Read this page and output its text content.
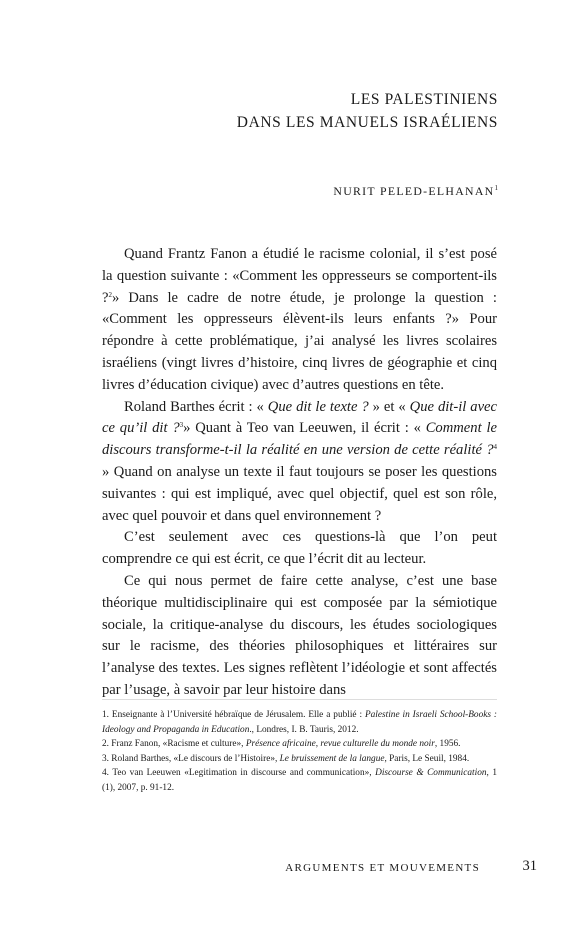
LES PALESTINIENS
DANS LES MANUELS ISRAÉLIENS
NURIT PELED-ELHANAN$^1$

Quand Frantz Fanon a étudié le racisme colonial, il s’est posé la question suivante : «Comment les oppresseurs se comportent-ils ?$^2$» Dans le cadre de notre étude, je prolonge la question : «Comment les oppresseurs élèvent-ils leurs enfants ?» Pour répondre à cette problématique, j’ai analysé les livres scolaires israéliens (vingt livres d’histoire, cinq livres de géographie et cinq livres d’éducation civique) avec d’autres questions en tête.

Roland Barthes écrit : « Que dit le texte ? » et « Que dit-il avec ce qu’il dit ?$^3$» Quant à Teo van Leeuwen, il écrit : « Comment le discours transforme-t-il la réalité en une version de cette réalité ?$^4$ » Quand on analyse un texte il faut toujours se poser les questions suivantes : qui est impliqué, avec quel objectif, quel est son rôle, avec quel pouvoir et dans quel environnement ?

C’est seulement avec ces questions-là que l’on peut comprendre ce qui est écrit, ce que l’écrit dit au lecteur.

Ce qui nous permet de faire cette analyse, c’est une base théorique multidisciplinaire qui est composée par la sémiotique sociale, la critique-analyse du discours, les études sociologiques sur le racisme, des théories philosophiques et littéraires sur l’analyse des textes. Les signes reflètent l’idéologie et sont affectés par l’usage, à savoir par leur histoire dans

1. Enseignante à l’Université hébraïque de Jérusalem. Elle a publié : Palestine in Israeli School-Books : Ideology and Propaganda in Education., Londres, I. B. Tauris, 2012.

2. Franz Fanon, «Racisme et culture», Présence africaine, revue culturelle du monde noir, 1956.

3. Roland Barthes, «Le discours de l’Histoire», Le bruissement de la langue, Paris, Le Seuil, 1984.

4. Teo van Leeuwen «Legitimation in discourse and communication», Discourse & Communication, 1 (1), 2007, p. 91-12.

ARGUMENTS ET MOUVEMENTS	31
